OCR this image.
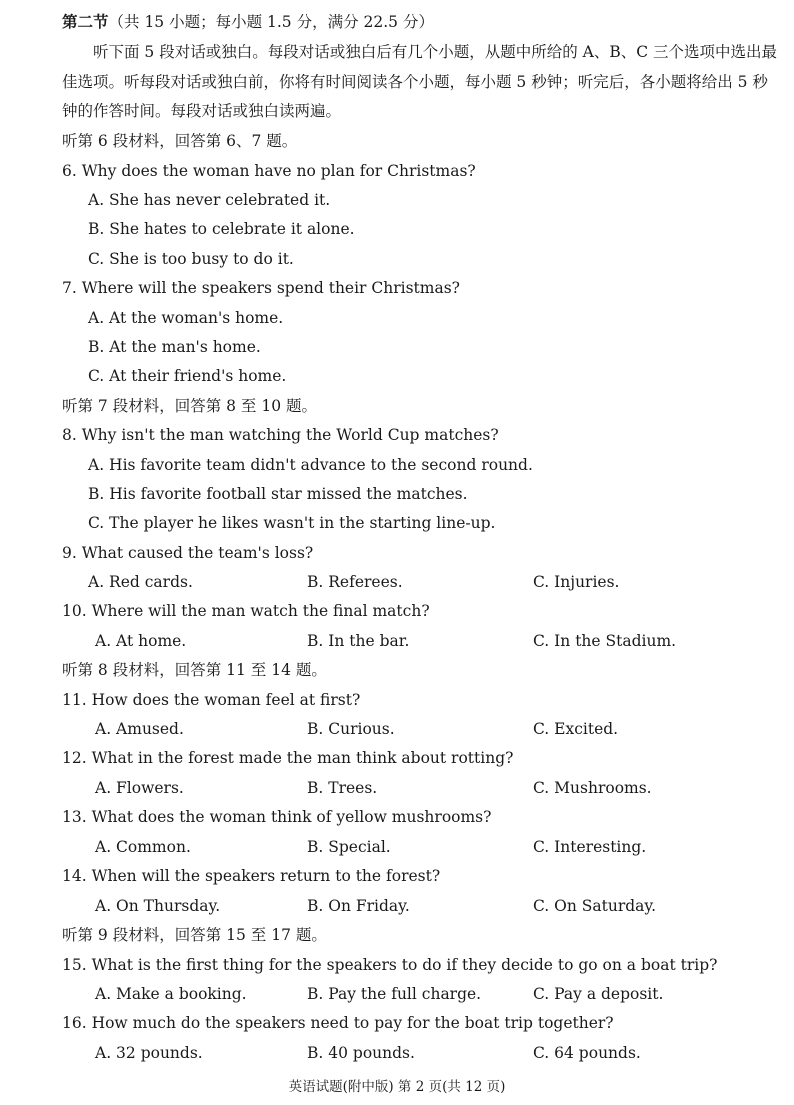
第二节（共 15 小题；每小题 1.5 分，满分 22.5 分）
听下面 5 段对话或独白。每段对话或独白后有几个小题，从题中所给的 A、B、C 三个选项中选出最佳选项。听每段对话或独白前，你将有时间阅读各个小题，每小题 5 秒钟；听完后，各小题将给出 5 秒钟的作答时间。每段对话或独白读两遍。
听第 6 段材料，回答第 6、7 题。
6. Why does the woman have no plan for Christmas?
A. She has never celebrated it.
B. She hates to celebrate it alone.
C. She is too busy to do it.
7. Where will the speakers spend their Christmas?
A. At the woman's home.
B. At the man's home.
C. At their friend's home.
听第 7 段材料，回答第 8 至 10 题。
8. Why isn't the man watching the World Cup matches?
A. His favorite team didn't advance to the second round.
B. His favorite football star missed the matches.
C. The player he likes wasn't in the starting line-up.
9. What caused the team's loss?
A. Red cards.	B. Referees.	C. Injuries.
10. Where will the man watch the final match?
A. At home.	B. In the bar.	C. In the Stadium.
听第 8 段材料，回答第 11 至 14 题。
11. How does the woman feel at first?
A. Amused.	B. Curious.	C. Excited.
12. What in the forest made the man think about rotting?
A. Flowers.	B. Trees.	C. Mushrooms.
13. What does the woman think of yellow mushrooms?
A. Common.	B. Special.	C. Interesting.
14. When will the speakers return to the forest?
A. On Thursday.	B. On Friday.	C. On Saturday.
听第 9 段材料，回答第 15 至 17 题。
15. What is the first thing for the speakers to do if they decide to go on a boat trip?
A. Make a booking.	B. Pay the full charge.	C. Pay a deposit.
16. How much do the speakers need to pay for the boat trip together?
A. 32 pounds.	B. 40 pounds.	C. 64 pounds.
英语试题(附中版) 第 2 页(共 12 页)
